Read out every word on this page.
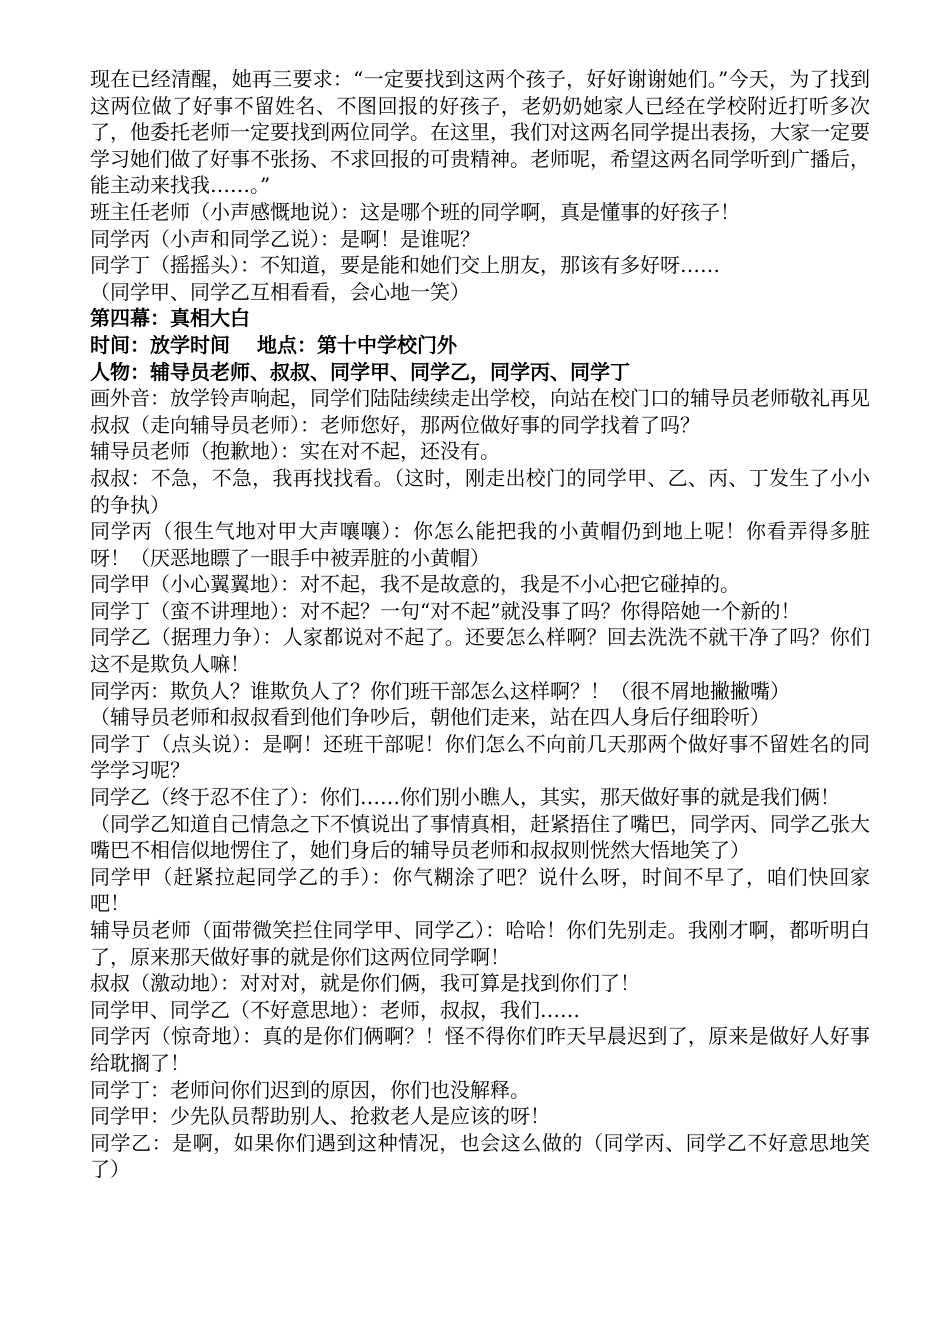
现在已经清醒，她再三要求：“一定要找到这两个孩子，好好谢谢她们。”今天，为了找到这两位做了好事不留姓名、不图回报的好孩子，老奶奶她家人已经在学校附近打听多次了，他委托老师一定要找到两位同学。在这里，我们对这两名同学提出表扬，大家一定要学习她们做了好事不张扬、不求回报的可贵精神。老师呢，希望这两名同学听到广播后，能主动来找我……。”

班主任老师（小声感慨地说）：这是哪个班的同学啊，真是懂事的好孩子！

同学丙（小声和同学乙说）：是啊！是谁呢？

同学丁（摇摇头）：不知道，要是能和她们交上朋友，那该有多好呀……

（同学甲、同学乙互相看看，会心地一笑）

第四幕：真相大白

时间：放学时间　 地点：第十中学校门外

人物：辅导员老师、叔叔、同学甲、同学乙，同学丙、同学丁

画外音：放学铃声响起，同学们陆陆续续走出学校，向站在校门口的辅导员老师敬礼再见

叔叔（走向辅导员老师）：老师您好，那两位做好事的同学找着了吗？

辅导员老师（抱歉地）：实在对不起，还没有。

叔叔：不急，不急，我再找找看。（这时，刚走出校门的同学甲、乙、丙、丁发生了小小的争执）

同学丙（很生气地对甲大声嚷嚷）：你怎么能把我的小黄帽仍到地上呢！你看弄得多脏呀！（厌恶地瞟了一眼手中被弄脏的小黄帽）

同学甲（小心翼翼地）：对不起，我不是故意的，我是不小心把它碰掉的。

同学丁（蛮不讲理地）：对不起？一句“对不起”就没事了吗？你得陪她一个新的！

同学乙（据理力争）：人家都说对不起了。还要怎么样啊？回去洗洗不就干净了吗？你们这不是欺负人嘛！

同学丙：欺负人？谁欺负人了？你们班干部怎么这样啊？！（很不屑地撇撇嘴）

（辅导员老师和叔叔看到他们争吵后，朝他们走来，站在四人身后仔细聆听）

同学丁（点头说）：是啊！还班干部呢！你们怎么不向前几天那两个做好事不留姓名的同学学习呢？

同学乙（终于忍不住了）：你们……你们别小瞧人，其实，那天做好事的就是我们俩！

（同学乙知道自己情急之下不慎说出了事情真相，赶紧捂住了嘴巴，同学丙、同学乙张大嘴巴不相信似地愣住了，她们身后的辅导员老师和叔叔则恍然大悟地笑了）

同学甲（赶紧拉起同学乙的手）：你气糊涂了吧？说什么呀，时间不早了，咱们快回家吧！

辅导员老师（面带微笑拦住同学甲、同学乙）：哈哈！你们先别走。我刚才啊，都听明白了，原来那天做好事的就是你们这两位同学啊！

叔叔（激动地）：对对对，就是你们俩，我可算是找到你们了！

同学甲、同学乙（不好意思地）：老师，叔叔，我们……

同学丙（惊奇地）：真的是你们俩啊？！怪不得你们昨天早晨迟到了，原来是做好人好事给耽搁了！

同学丁：老师问你们迟到的原因，你们也没解释。

同学甲：少先队员帮助别人、抢救老人是应该的呀！

同学乙：是啊，如果你们遇到这种情况，也会这么做的（同学丙、同学乙不好意思地笑了）
